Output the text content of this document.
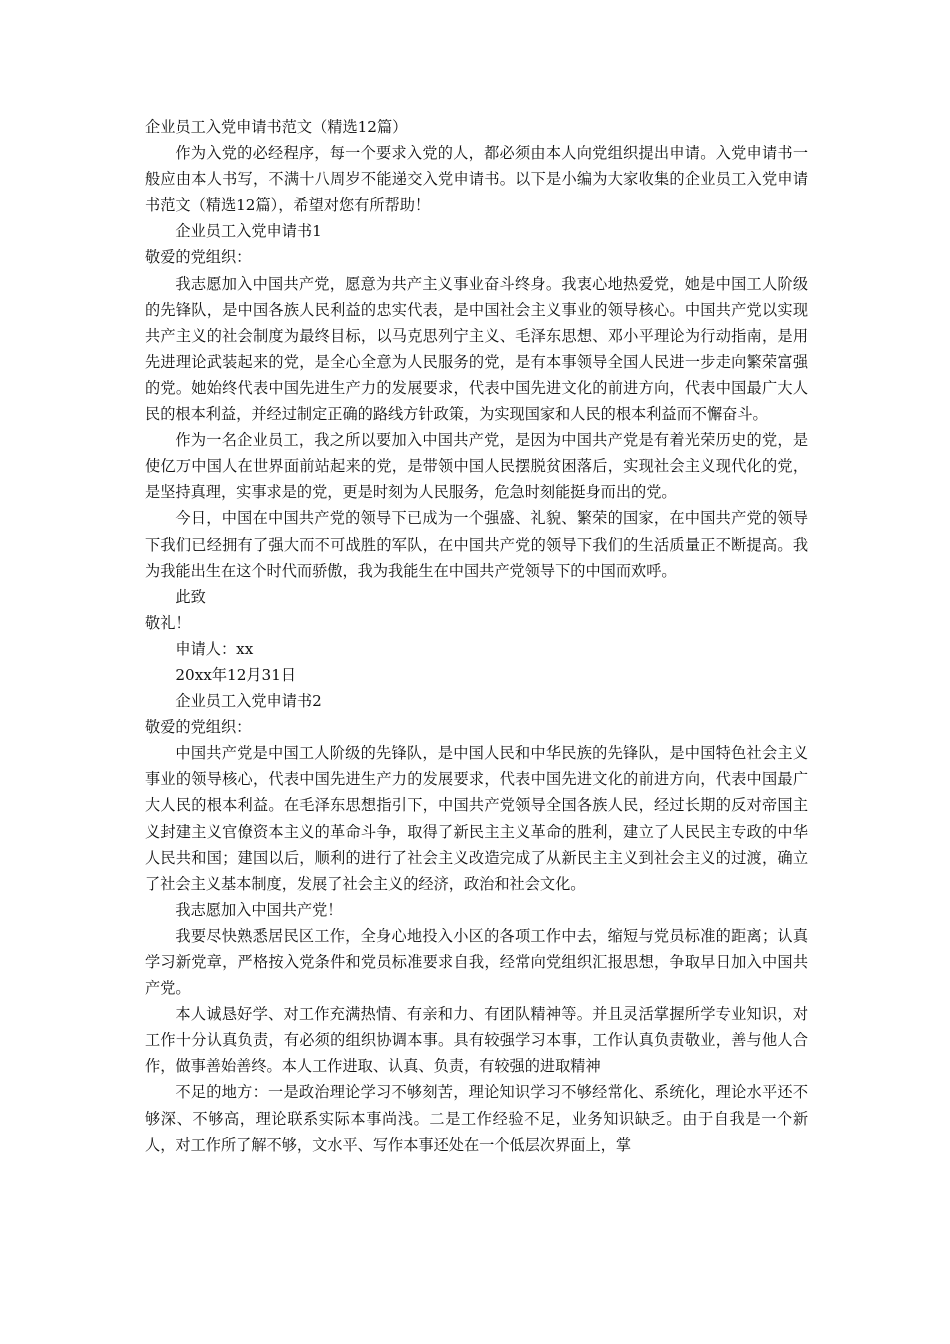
企业员工入党申请书范文（精选12篇）

作为入党的必经程序，每一个要求入党的人，都必须由本人向党组织提出申请。入党申请书一般应由本人书写，不满十八周岁不能递交入党申请书。以下是小编为大家收集的企业员工入党申请书范文（精选12篇），希望对您有所帮助！

企业员工入党申请书1

敬爱的党组织：

我志愿加入中国共产党，愿意为共产主义事业奋斗终身。我衷心地热爱党，她是中国工人阶级的先锋队，是中国各族人民利益的忠实代表，是中国社会主义事业的领导核心。中国共产党以实现共产主义的社会制度为最终目标，以马克思列宁主义、毛泽东思想、邓小平理论为行动指南，是用先进理论武装起来的党，是全心全意为人民服务的党，是有本事领导全国人民进一步走向繁荣富强的党。她始终代表中国先进生产力的发展要求，代表中国先进文化的前进方向，代表中国最广大人民的根本利益，并经过制定正确的路线方针政策，为实现国家和人民的根本利益而不懈奋斗。

作为一名企业员工，我之所以要加入中国共产党，是因为中国共产党是有着光荣历史的党，是使亿万中国人在世界面前站起来的党，是带领中国人民摆脱贫困落后，实现社会主义现代化的党，是坚持真理，实事求是的党，更是时刻为人民服务，危急时刻能挺身而出的党。

今日，中国在中国共产党的领导下已成为一个强盛、礼貌、繁荣的国家，在中国共产党的领导下我们已经拥有了强大而不可战胜的军队，在中国共产党的领导下我们的生活质量正不断提高。我为我能出生在这个时代而骄傲，我为我能生在中国共产党领导下的中国而欢呼。

此致

敬礼！

申请人：xx

20xx年12月31日

企业员工入党申请书2

敬爱的党组织：

中国共产党是中国工人阶级的先锋队，是中国人民和中华民族的先锋队，是中国特色社会主义事业的领导核心，代表中国先进生产力的发展要求，代表中国先进文化的前进方向，代表中国最广大人民的根本利益。在毛泽东思想指引下，中国共产党领导全国各族人民，经过长期的反对帝国主义封建主义官僚资本主义的革命斗争，取得了新民主主义革命的胜利，建立了人民民主专政的中华人民共和国；建国以后，顺利的进行了社会主义改造完成了从新民主主义到社会主义的过渡，确立了社会主义基本制度，发展了社会主义的经济，政治和社会文化。

我志愿加入中国共产党！

我要尽快熟悉居民区工作，全身心地投入小区的各项工作中去，缩短与党员标准的距离；认真学习新党章，严格按入党条件和党员标准要求自我，经常向党组织汇报思想，争取早日加入中国共产党。

本人诚恳好学、对工作充满热情、有亲和力、有团队精神等。并且灵活掌握所学专业知识，对工作十分认真负责，有必须的组织协调本事。具有较强学习本事，工作认真负责敬业，善与他人合作，做事善始善终。本人工作进取、认真、负责，有较强的进取精神

不足的地方：一是政治理论学习不够刻苦，理论知识学习不够经常化、系统化，理论水平还不够深、不够高，理论联系实际本事尚浅。二是工作经验不足，业务知识缺乏。由于自我是一个新人，对工作所了解不够，文水平、写作本事还处在一个低层次界面上，掌
